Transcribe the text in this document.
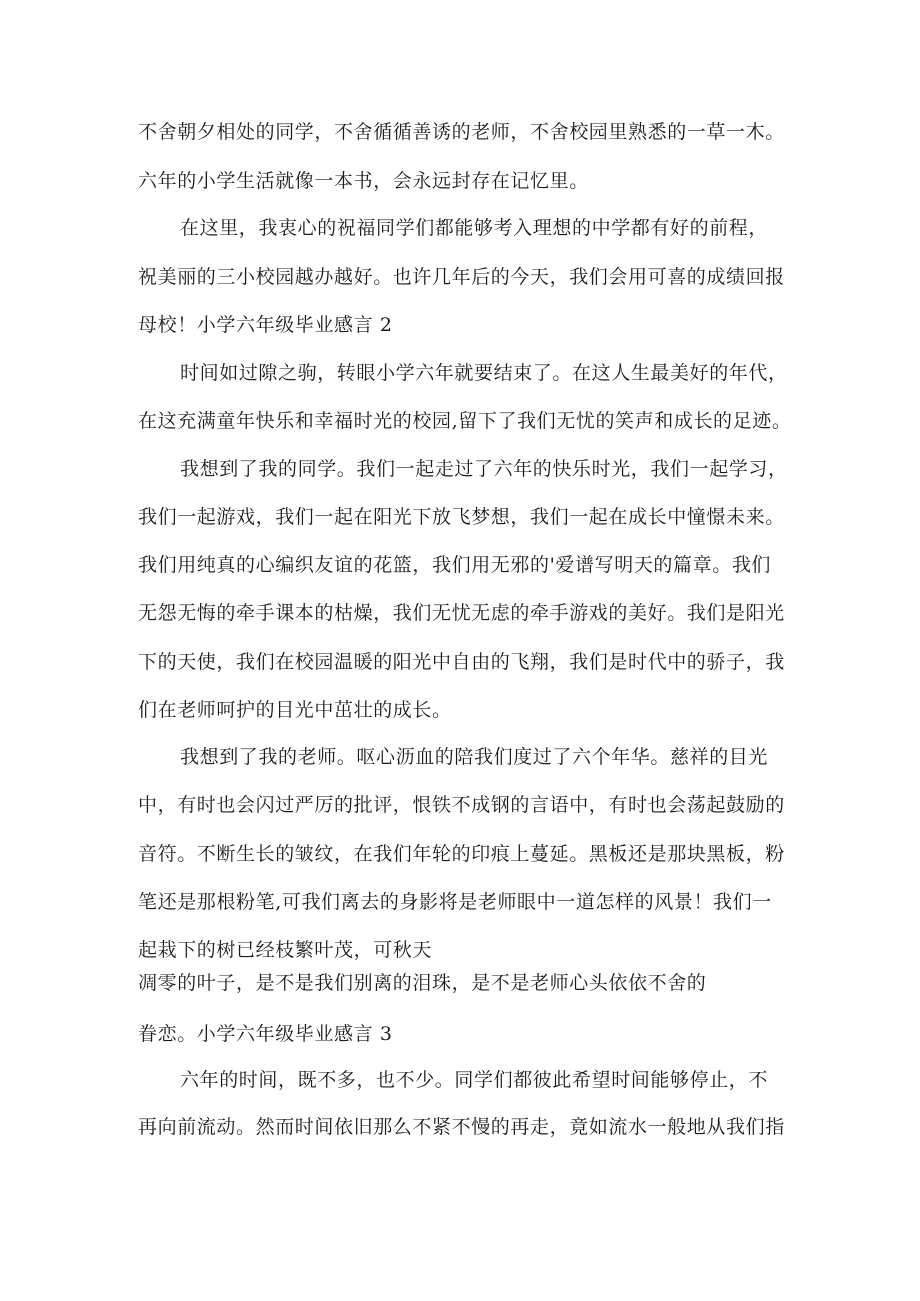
不舍朝夕相处的同学，不舍循循善诱的老师，不舍校园里熟悉的一草一木。
六年的小学生活就像一本书，会永远封存在记忆里。
在这里，我衷心的祝福同学们都能够考入理想的中学都有好的前程，
祝美丽的三小校园越办越好。也许几年后的今天，我们会用可喜的成绩回报
母校！小学六年级毕业感言 2
时间如过隙之驹，转眼小学六年就要结束了。在这人生最美好的年代，
在这充满童年快乐和幸福时光的校园,留下了我们无忧的笑声和成长的足迹。
我想到了我的同学。我们一起走过了六年的快乐时光，我们一起学习，
我们一起游戏，我们一起在阳光下放飞梦想，我们一起在成长中憧憬未来。
我们用纯真的心编织友谊的花篮，我们用无邪的'爱谱写明天的篇章。我们
无怨无悔的牵手课本的枯燥，我们无忧无虑的牵手游戏的美好。我们是阳光
下的天使，我们在校园温暖的阳光中自由的飞翔，我们是时代中的骄子，我
们在老师呵护的目光中茁壮的成长。
我想到了我的老师。呕心沥血的陪我们度过了六个年华。慈祥的目光
中，有时也会闪过严厉的批评，恨铁不成钢的言语中，有时也会荡起鼓励的
音符。不断生长的皱纹，在我们年轮的印痕上蔓延。黑板还是那块黑板，粉
笔还是那根粉笔,可我们离去的身影将是老师眼中一道怎样的风景！我们一
起栽下的树已经枝繁叶茂，可秋天
凋零的叶子，是不是我们别离的泪珠，是不是老师心头依依不舍的
眷恋。小学六年级毕业感言 3
六年的时间，既不多，也不少。同学们都彼此希望时间能够停止，不
再向前流动。然而时间依旧那么不紧不慢的再走，竟如流水一般地从我们指
